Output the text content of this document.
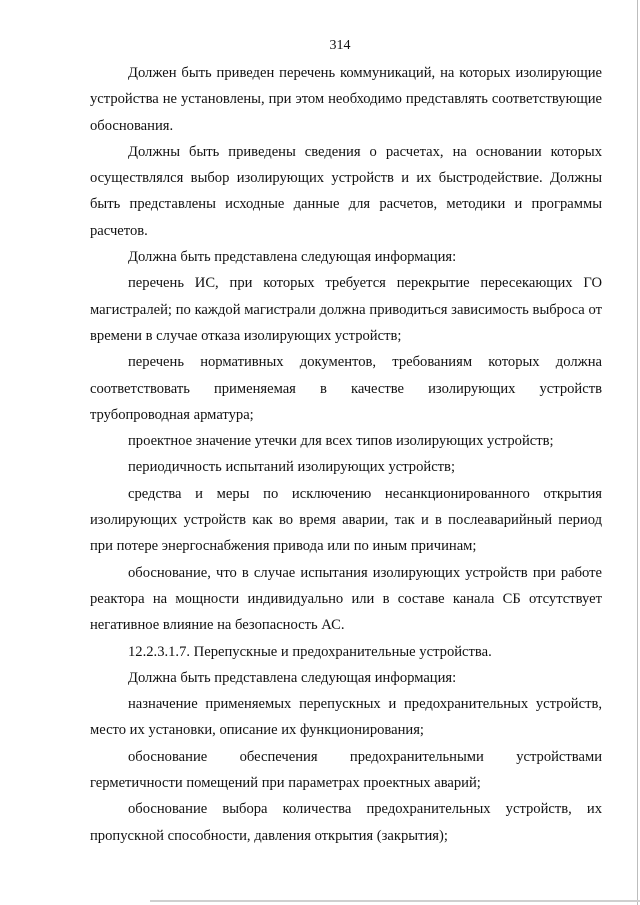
314

Должен быть приведен перечень коммуникаций, на которых изолирующие устройства не установлены, при этом необходимо представлять соответствующие обоснования.

Должны быть приведены сведения о расчетах, на основании которых осуществлялся выбор изолирующих устройств и их быстродействие. Должны быть представлены исходные данные для расчетов, методики и программы расчетов.

Должна быть представлена следующая информация:

перечень ИС, при которых требуется перекрытие пересекающих ГО магистралей; по каждой магистрали должна приводиться зависимость выброса от времени в случае отказа изолирующих устройств;

перечень нормативных документов, требованиям которых должна соответствовать применяемая в качестве изолирующих устройств трубопроводная арматура;

проектное значение утечки для всех типов изолирующих устройств;

периодичность испытаний изолирующих устройств;

средства и меры по исключению несанкционированного открытия изолирующих устройств как во время аварии, так и в послеаварийный период при потере энергоснабжения привода или по иным причинам;

обоснование, что в случае испытания изолирующих устройств при работе реактора на мощности индивидуально или в составе канала СБ отсутствует негативное влияние на безопасность АС.

12.2.3.1.7. Перепускные и предохранительные устройства.

Должна быть представлена следующая информация:

назначение применяемых перепускных и предохранительных устройств, место их установки, описание их функционирования;

обоснование обеспечения предохранительными устройствами герметичности помещений при параметрах проектных аварий;

обоснование выбора количества предохранительных устройств, их пропускной способности, давления открытия (закрытия);
